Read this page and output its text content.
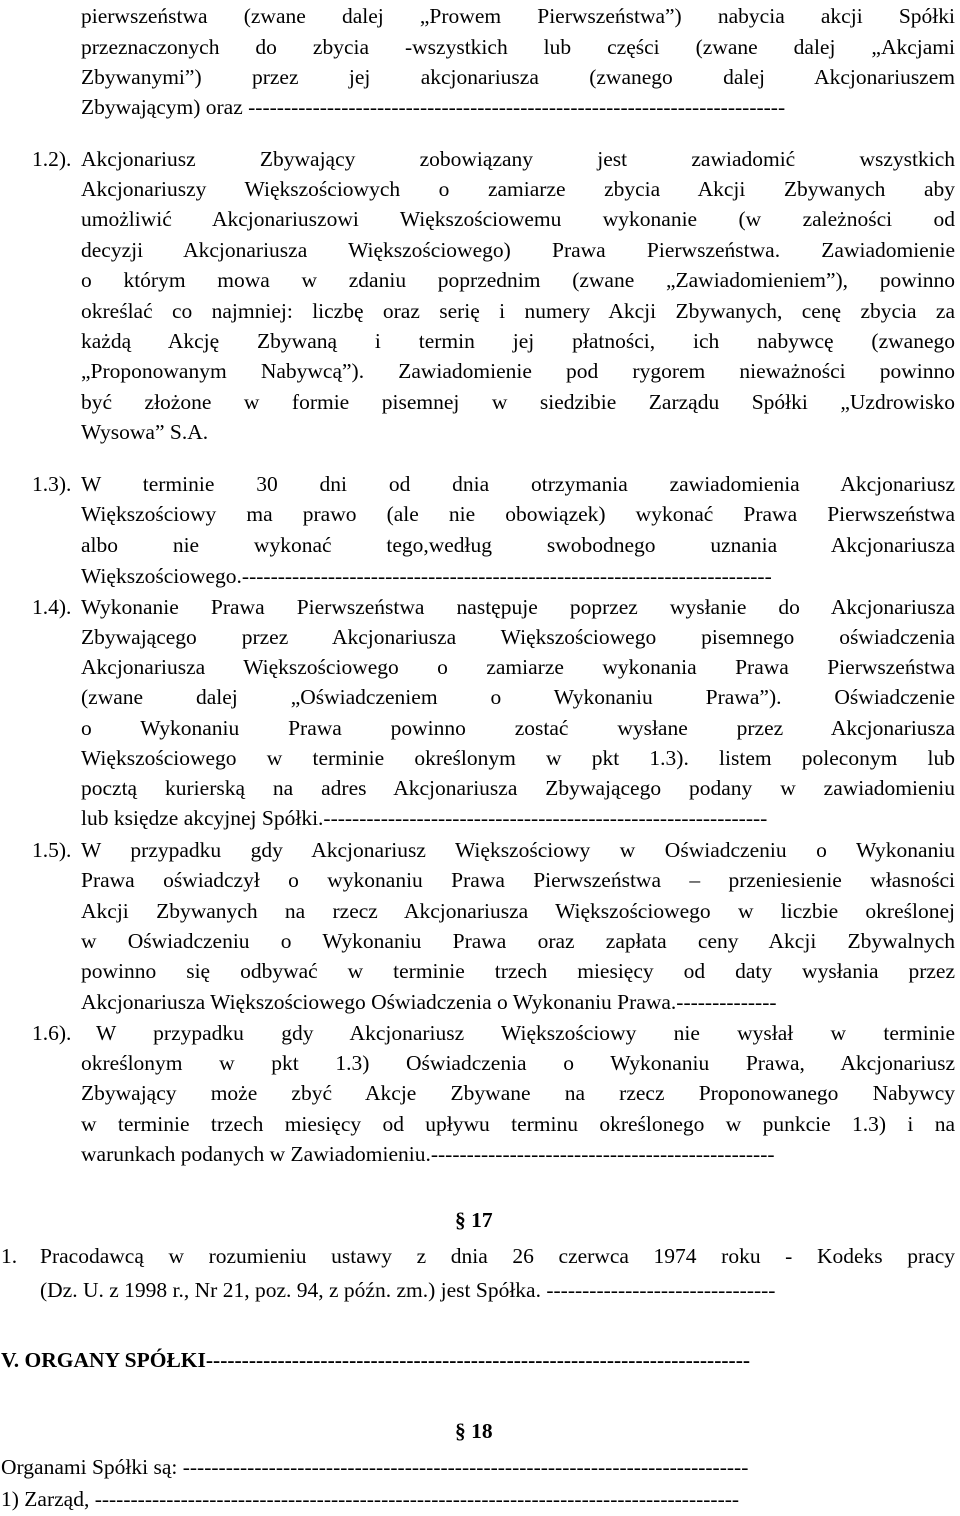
pierwszeństwa (zwane dalej „Prowem Pierwszeństwa”) nabycia akcji Spółki
przeznaczonych do zbycia -wszystkich lub części (zwane dalej „Akcjami
Zbywanymi”) przez jej akcjonariusza (zwanego dalej Akcjonariuszem
Zbywającym) oraz ---------------------------------------------------------------------------
1.2). Akcjonariusz Zbywający zobowiązany jest zawiadomić wszystkich
Akcjonariuszy Większościowych o zamiarze zbycia Akcji Zbywanych aby
umożliwić Akcjonariuszowi Większościowemu wykonanie (w zależności od
decyzji Akcjonariusza Większościowego) Prawa Pierwszeństwa. Zawiadomienie
o którym mowa w zdaniu poprzednim (zwane „Zawiadomieniem”), powinno
określać co najmniej: liczbę oraz serię i numery Akcji Zbywanych, cenę zbycia za
każdą Akcję Zbywaną i termin jej płatności, ich nabywcę (zwanego
„Proponowanym Nabywcą”). Zawiadomienie pod rygorem nieważności powinno
być złożone w formie pisemnej w siedzibie Zarządu Spółki „Uzdrowisko
Wysowa” S.A.
1.3). W terminie 30 dni od dnia otrzymania zawiadomienia Akcjonariusz
Większościowy ma prawo (ale nie obowiązek) wykonać Prawa Pierwszeństwa
albo nie wykonać tego,według swobodnego uznania Akcjonariusza
Większościowego.--------------------------------------------------------------------------
1.4). Wykonanie Prawa Pierwszeństwa następuje poprzez wysłanie do Akcjonariusza
Zbywającego przez Akcjonariusza Większościowego pisemnego oświadczenia
Akcjonariusza Większościowego o zamiarze wykonania Prawa Pierwszeństwa
(zwane dalej „Oświadczeniem o Wykonaniu Prawa”). Oświadczenie
o Wykonaniu Prawa powinno zostać wysłane przez Akcjonariusza
Większościowego w terminie określonym w pkt 1.3). listem poleconym lub
pocztą kurierską na adres Akcjonariusza Zbywającego podany w zawiadomieniu
lub księdze akcyjnej Spółki.--------------------------------------------------------------
1.5). W przypadku gdy Akcjonariusz Większościowy w Oświadczeniu o Wykonaniu
Prawa oświadczył o wykonaniu Prawa Pierwszeństwa – przeniesienie własności
Akcji Zbywanych na rzecz Akcjonariusza Większościowego w liczbie określonej
w Oświadczeniu o Wykonaniu Prawa oraz zapłata ceny Akcji Zbywalnych
powinno się odbywać w terminie trzech miesięcy od daty wysłania przez
Akcjonariusza Większościowego Oświadczenia o Wykonaniu Prawa.--------------
1.6). W przypadku gdy Akcjonariusz Większościowy nie wysłał w terminie
określonym w pkt 1.3) Oświadczenia o Wykonaniu Prawa, Akcjonariusz
Zbywający może zbyć Akcje Zbywane na rzecz Proponowanego Nabywcy
w terminie trzech miesięcy od upływu terminu określonego w punkcie 1.3) i na
warunkach podanych w Zawiadomieniu.------------------------------------------------
§ 17
1. Pracodawcą w rozumieniu ustawy z dnia 26 czerwca 1974 roku - Kodeks pracy
(Dz. U. z 1998 r., Nr 21, poz. 94, z późn. zm.) jest Spółka. --------------------------------
V. ORGANY SPÓŁKI----------------------------------------------------------------------------
§ 18
Organami Spółki są: -------------------------------------------------------------------------------
1) Zarząd, ------------------------------------------------------------------------------------------
